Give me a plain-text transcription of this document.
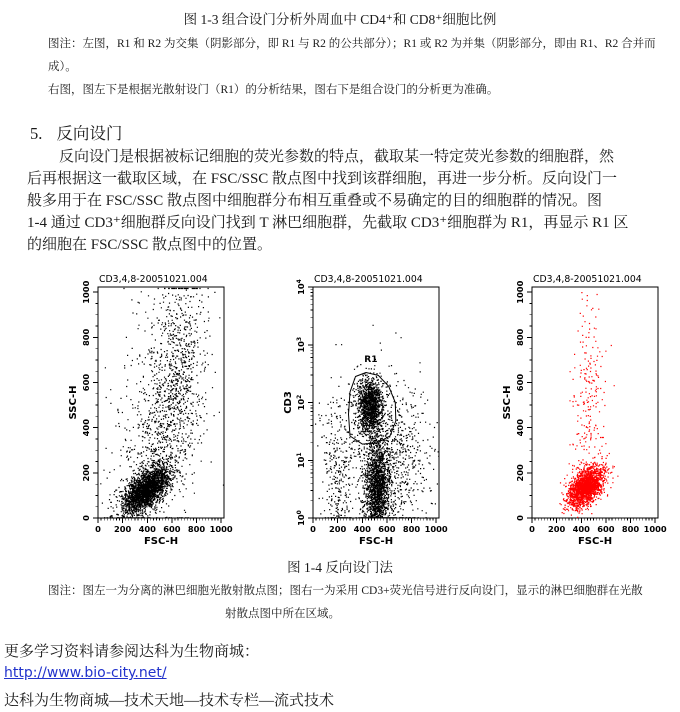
图 1-3 组合设门分析外周血中 CD4⁺和 CD8⁺细胞比例
图注：左图，R1 和 R2 为交集（阴影部分，即 R1 与 R2 的公共部分）；R1 或 R2 为并集（阴影部分，即由 R1、R2 合并而
成）。
右图，图左下是根据光散射设门（R1）的分析结果，图右下是组合设门的分析更为准确。
5. 反向设门
反向设门是根据被标记细胞的荧光参数的特点，截取某一特定荧光参数的细胞群，然
后再根据这一截取区域，在 FSC/SSC 散点图中找到该群细胞，再进一步分析。反向设门一
般多用于在 FSC/SSC 散点图中细胞群分布相互重叠或不易确定的目的细胞群的情况。图
1-4 通过 CD3⁺细胞群反向设门找到 T 淋巴细胞群，先截取 CD3⁺细胞群为 R1，再显示 R1 区
的细胞在 FSC/SSC 散点图中的位置。
CD3,4,8-20051021.004
0 200 400 600 800 1000
FSC-H
0
200
400
600
800
1000
SSC-H
CD3,4,8-20051021.004
0 200 400 600 800 1000
FSC-H
$10^0$
$10^1$
$10^2$
$10^3$
$10^4$
CD3
R1
CD3,4,8-20051021.004
0 200 400 600 800 1000
FSC-H
0
200
400
600
800
1000
SSC-H
图 1-4 反向设门法
图注：图左一为分离的淋巴细胞光散射散点图；图右一为采用 CD3+荧光信号进行反向设门，显示的淋巴细胞群在光散
射散点图中所在区域。
更多学习资料请参阅达科为生物商城：
http://www.bio-city.net/
达科为生物商城—技术天地—技术专栏—流式技术
